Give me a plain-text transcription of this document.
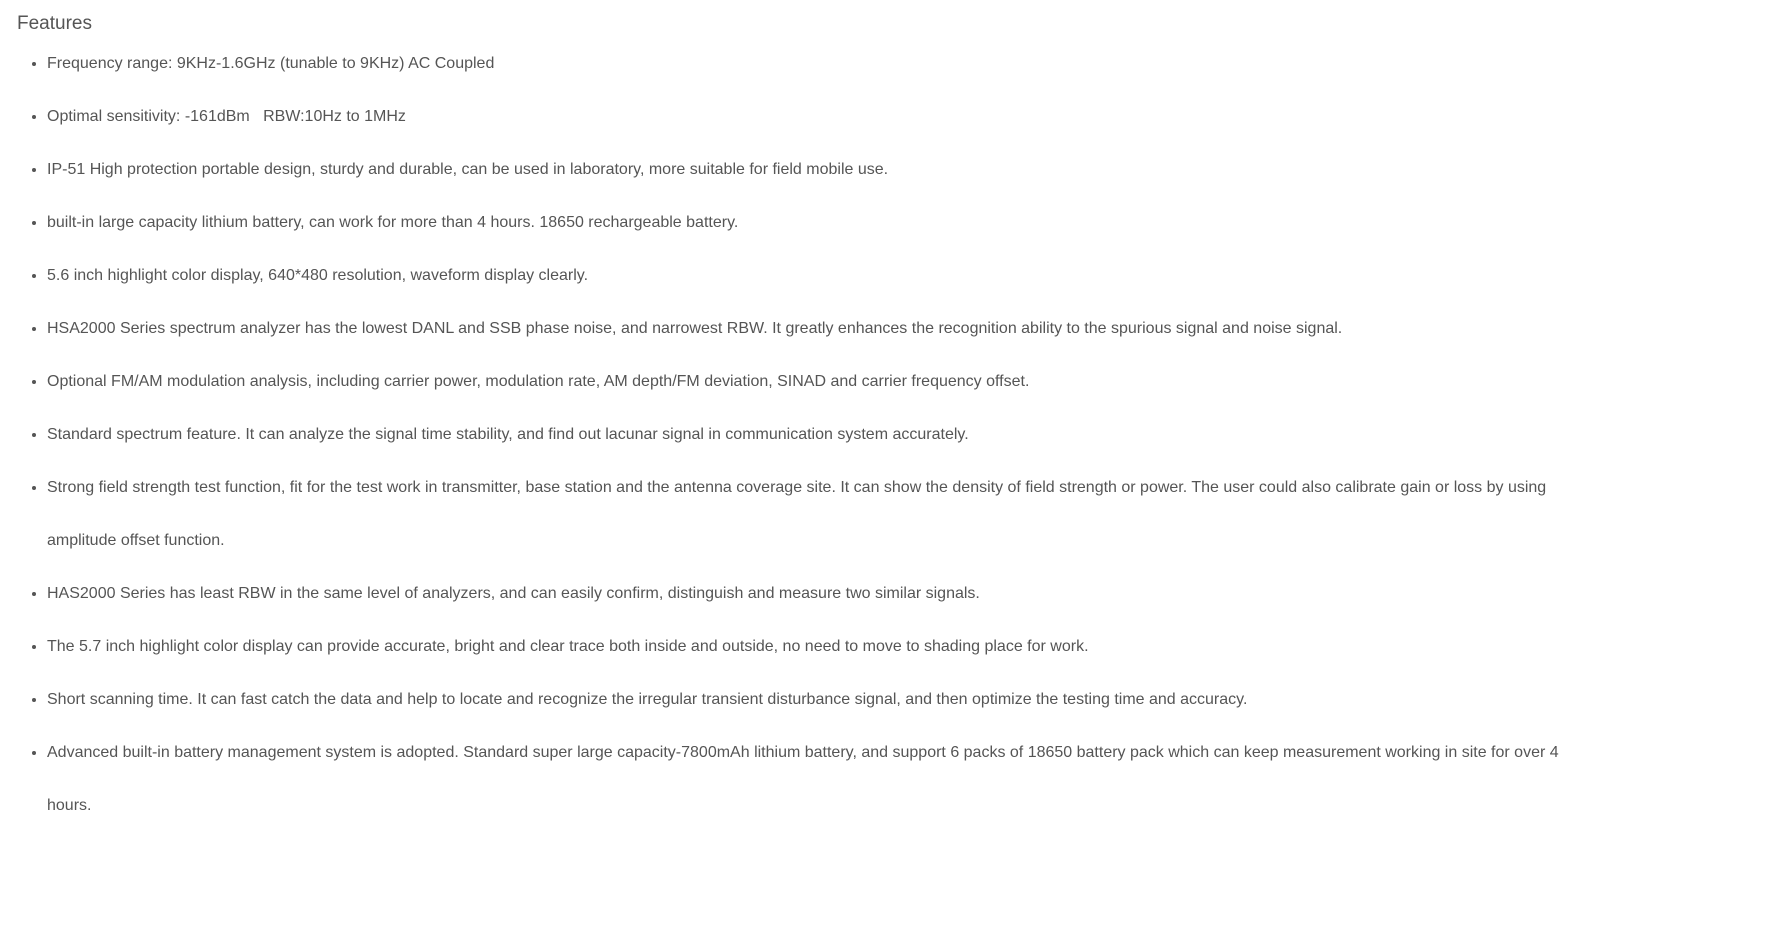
Features
• Frequency range: 9KHz-1.6GHz (tunable to 9KHz) AC Coupled
• Optimal sensitivity: -161dBm   RBW:10Hz to 1MHz
• IP-51 High protection portable design, sturdy and durable, can be used in laboratory, more suitable for field mobile use.
• built-in large capacity lithium battery, can work for more than 4 hours. 18650 rechargeable battery.
• 5.6 inch highlight color display, 640*480 resolution, waveform display clearly.
• HSA2000 Series spectrum analyzer has the lowest DANL and SSB phase noise, and narrowest RBW. It greatly enhances the recognition ability to the spurious signal and noise signal.
• Optional FM/AM modulation analysis, including carrier power, modulation rate, AM depth/FM deviation, SINAD and carrier frequency offset.
• Standard spectrum feature. It can analyze the signal time stability, and find out lacunar signal in communication system accurately.
• Strong field strength test function, fit for the test work in transmitter, base station and the antenna coverage site. It can show the density of field strength or power. The user could also calibrate gain or loss by using amplitude offset function.
• HAS2000 Series has least RBW in the same level of analyzers, and can easily confirm, distinguish and measure two similar signals.
• The 5.7 inch highlight color display can provide accurate, bright and clear trace both inside and outside, no need to move to shading place for work.
• Short scanning time. It can fast catch the data and help to locate and recognize the irregular transient disturbance signal, and then optimize the testing time and accuracy.
• Advanced built-in battery management system is adopted. Standard super large capacity-7800mAh lithium battery, and support 6 packs of 18650 battery pack which can keep measurement working in site for over 4 hours.
